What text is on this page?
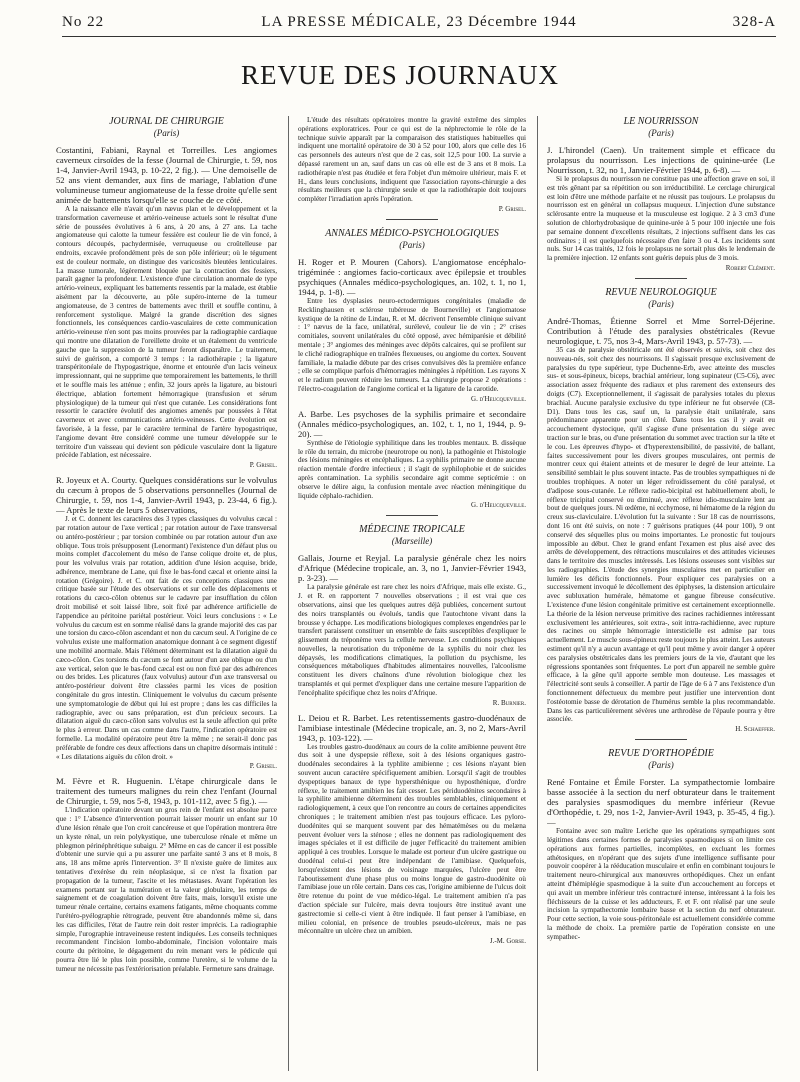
No 22	LA PRESSE MÉDICALE, 23 Décembre 1944	328-A
REVUE DES JOURNAUX
JOURNAL DE CHIRURGIE
(Paris)

Costantini, Fabiani, Raynal et Torreilles. Les angiomes caverneux cirsoïdes de la fesse (Journal de Chirurgie, t. 59, nos 1-4, Janvier-Avril 1943, p. 10-22, 2 fig.). — Une demoiselle de 52 ans vient demander, aux fins de mariage, l'ablation d'une volumineuse tumeur angiomateuse de la fesse droite qu'elle sent animée de battements lorsqu'elle se couche de ce côté.

A la naissance elle n'avait qu'un nævus plan et le développement et la transformation caverneuse et artério-veineuse actuels sont le résultat d'une série de poussées évolutives à 6 ans, à 20 ans, à 27 ans. La tache angiomateuse qui calotte la tumeur fessière est couleur lie de vin foncé, à contours découpés, pachydermisée, verruqueuse ou croûtelleuse par endroits, excavée profondément près de son pôle inférieur; où le tégument est de couleur normale, on distingue des varicosités bleutées lenticulaires. La masse tumorale, légèrement bloquée par la contraction des fessiers, paraît gagner la profondeur. L'existence d'une circulation anormale de type artério-veineux, expliquant les battements ressentis par la malade, est établie aisément par la découverte, au pôle supéro-interne de la tumeur angiomateuse, de 3 centres de battements avec thrill et souffle continu, à renforcement systolique. Malgré la grande discrétion des signes fonctionnels, les conséquences cardio-vasculaires de cette communication artério-veineuse n'en sont pas moins prouvées par la radiographie cardiaque qui montre une dilatation de l'oreillette droite et un étalement du ventricule gauche que la suppression de la tumeur feront disparaître. Le traitement, suivi de guérison, a comporté 3 temps : la radiothérapie ; la ligature transpéritonéale de l'hypogastrique, énorme et entourée d'un lacis veineux impressionnant, qui ne supprime que temporairement les battements, le thrill et le souffle mais les atténue ; enfin, 32 jours après la ligature, au bistouri électrique, ablation fortement hémorragique (transfusion et sérum physiologique) de la tumeur qui n'est que cutanée. Les considérations font ressortir le caractère évolutif des angiomes amenés par poussées à l'état caverneux et avec communications artério-veineuses. Cette évolution est favorisée, à la fesse, par le caractère terminal de l'artère hypogastrique, l'angiome devant être considéré comme une tumeur développée sur le territoire d'un vaisseau qui devient son pédicule vasculaire dont la ligature précède l'ablation, est nécessaire.

P. Grisel.

R. Joyeux et A. Courty. Quelques considérations sur le volvulus du cæcum à propos de 5 observations personnelles (Journal de Chirurgie, t. 59, nos 1-4, Janvier-Avril 1943, p. 23-44, 6 fig.). — Après le texte de leurs 5 observations,

J. et C. donnent les caractères des 3 types classiques du volvulus cæcal : par rotation autour de l'axe vertical ; par rotation autour de l'axe transversal ou antéro-postérieur ; par torsion combinée ou par rotation autour d'un axe oblique. Tous trois présupposent (Lenormant) l'existence d'un défaut plus ou moins complet d'accolement du méso de l'anse colique droite et, de plus, pour les volvulus vrais par rotation, addition d'une lésion acquise, bride, adhérence, membrane de Lane, qui fixe le bas-fond cæcal et oriente ainsi la rotation (Grégoire). J. et C. ont fait de ces conceptions classiques une critique basée sur l'étude des observations et sur celle des déplacements et rotations du cæco-côlon obtenus sur le cadavre par insufflation du côlon droit mobilisé et soit laissé libre, soit fixé par adhérence artificielle de l'appendice au péritoine pariétal postérieur. Voici leurs conclusions : « Le volvulus du cæcum est en somme réalisé dans la grande majorité des cas par une torsion du cæco-côlon ascendant et non du cæcum seul. A l'origine de ce volvulus existe une malformation anatomique donnant à ce segment digestif une mobilité anormale. Mais l'élément déterminant est la dilatation aiguë du cæco-côlon. Ces torsions du cæcum se font autour d'un axe oblique ou d'un axe vertical, selon que le bas-fond cæcal est ou non fixé par des adhérences ou des brides. Les plicatures (faux volvulus) autour d'un axe transversal ou antéro-postérieur doivent être classées parmi les vices de position congénitale du gros intestin. Cliniquement le volvulus du cæcum présente une symptomatologie de début qui lui est propre ; dans les cas difficiles la radiographie, avec ou sans préparation, est d'un précieux secours. La dilatation aiguë du cæco-côlon sans volvulus est la seule affection qui prête le plus à erreur. Dans un cas comme dans l'autre, l'indication opératoire est formelle. La modalité opératoire peut être la même ; ne serait-il donc pas préférable de fondre ces deux affections dans un chapitre désormais intitulé : « Les dilatations aiguës du côlon droit. »

P. Grisel.

M. Fèvre et R. Huguenin. L'étape chirurgicale dans le traitement des tumeurs malignes du rein chez l'enfant (Journal de Chirurgie, t. 59, nos 5-8, 1943, p. 101-112, avec 5 fig.). —

L'indication opératoire devant un gros rein de l'enfant est absolue parce que : 1° L'absence d'intervention pourrait laisser mourir un enfant sur 10 d'une lésion rénale que l'on croit cancéreuse et que l'opération montrera être un kyste rénal, un rein polykystique, une tuberculose rénale et même un phlegmon périnéphrétique subaigu. 2° Même en cas de cancer il est possible d'obtenir une survie qui a pu assurer une parfaite santé 3 ans et 8 mois, 8 ans, 18 ans même après l'intervention. 3° Il n'existe guère de limites aux tentatives d'exérèse du rein néoplasique, si ce n'est la fixation par propagation de la tumeur, l'ascite et les métastases. Avant l'opération les examens portant sur la numération et la valeur globulaire, les temps de saignement et de coagulation doivent être faits, mais, lorsqu'il existe une tumeur rénale certaine, certains examens fatigants, même choquants comme l'urétéro-pyélographie rétrograde, peuvent être abandonnés même si, dans les cas difficiles, l'état de l'autre rein doit rester imprécis. La radiographie simple, l'urographie intraveineuse restent indiquées. Les conseils techniques recommandent l'incision lombo-abdominale, l'incision volontaire mais courte du péritoine, le dégagement du rein menant vers le pédicule qui pourra être lié le plus loin possible, comme l'uretère, si le volume de la tumeur ne nécessite pas l'extériorisation préalable. Fermeture sans drainage.

L'étude des résultats opératoires montre la gravité extrême des simples opérations exploratrices. Pour ce qui est de la néphrectomie le rôle de la technique suivie apparaît par la comparaison des statistiques habituelles qui indiquent une mortalité opératoire de 30 à 52 pour 100, alors que celle des 16 cas personnels des auteurs n'est que de 2 cas, soit 12,5 pour 100. La survie a dépassé rarement un an, sauf dans un cas où elle est de 3 ans et 8 mois. La radiothérapie n'est pas étudiée et fera l'objet d'un mémoire ultérieur, mais F. et H., dans leurs conclusions, indiquent que l'association rayons-chirurgie a des résultats meilleurs que la chirurgie seule et que la radiothérapie doit toujours compléter l'irradiation après l'opération.

P. Grisel.
ANNALES MÉDICO-PSYCHOLOGIQUES
(Paris)

H. Roger et P. Mouren (Cahors). L'angiomatose encéphalo-trigéminée : angiomes facio-corticaux avec épilepsie et troubles psychiques (Annales médico-psychologiques, an. 102, t. 1, no 1, 1944, p. 1-8). —

Entre les dysplasies neuro-ectodermiques congénitales (maladie de Recklinghausen et sclérose tubéreuse de Bourneville) et l'angiomatose kystique de la rétine de Lindau, R. et M. décrivent l'ensemble clinique suivant : 1° nævus de la face, unilatéral, surélevé, couleur lie de vin ; 2° crises comitiales, souvent unilatérales du côté opposé, avec hémiparésie et débilité mentale ; 3° angiomes des méninges avec dépôts calcaires, qui se profilent sur le cliché radiographique en traînées flexueuses, ou angiome du cortex. Souvent familiale, la maladie débute par des crises convulsives dès la première enfance ; elle se complique parfois d'hémorragies méningées à répétition. Les rayons X et le radium peuvent réduire les tumeurs. La chirurgie propose 2 opérations : l'électro-coagulation de l'angiome cortical et la ligature de la carotide.

G. d'Heucqueville.

A. Barbe. Les psychoses de la syphilis primaire et secondaire (Annales médico-psychologiques, an. 102, t. 1, no 1, 1944, p. 9-20). —

Synthèse de l'étiologie syphilitique dans les troubles mentaux. B. dissèque le rôle du terrain, du microbe (neurotrope ou non), la pathogénie et l'histologie des lésions méningées et encéphaliques. La syphilis primaire ne donne aucune réaction mentale d'ordre infectieux ; il s'agit de syphilophobie et de suicides après contamination. La syphilis secondaire agit comme septicémie : on observe le délire aigu, la confusion mentale avec réaction méningitique du liquide céphalo-rachidien.

G. d'Heucqueville.
MÉDECINE TROPICALE
(Marseille)

Gallais, Journe et Reyjal. La paralysie générale chez les noirs d'Afrique (Médecine tropicale, an. 3, no 1, Janvier-Février 1943, p. 3-23). —

La paralysie générale est rare chez les noirs d'Afrique, mais elle existe. G., J. et R. en rapportent 7 nouvelles observations ; il est vrai que ces observations, ainsi que les quelques autres déjà publiées, concernent surtout des noirs transplantés ou évolués, tandis que l'autochtone vivant dans la brousse y échappe. Les modifications biologiques complexes engendrées par le transfert paraissent constituer un ensemble de faits susceptibles d'expliquer le glissement du tréponème vers la cellule nerveuse. Les conditions psychiques nouvelles, la neurotisation du tréponème de la syphilis du noir chez les dépaysés, les modifications climatiques, la pollution du psychisme, les conséquences métaboliques d'habitudes alimentaires nouvelles, l'alcoolisme constituent les divers chaînons d'une révolution biologique chez les transplantés et qui permet d'expliquer dans une certaine mesure l'apparition de l'encéphalite spécifique chez les noirs d'Afrique.

R. Burnier.

L. Deiou et R. Barbet. Les retentissements gastro-duodénaux de l'amibiase intestinale (Médecine tropicale, an. 3, no 2, Mars-Avril 1943, p. 103-122). —

Les troubles gastro-duodénaux au cours de la colite amibienne peuvent être dus soit à une dyspepsie réflexe, soit à des lésions organiques gastro-duodénales secondaires à la typhlite amibienne ; ces lésions n'ayant bien souvent aucun caractère spécifiquement amibien. Lorsqu'il s'agit de troubles dyspeptiques banaux de type hypersthénique ou hyposthénique, d'ordre réflexe, le traitement amibien les fait cesser. Les périduodénites secondaires à la syphilite amibienne déterminent des troubles semblables, cliniquement et radiologiquement, à ceux que l'on rencontre au cours de certaines appendicites chroniques ; le traitement amibien n'est pas toujours efficace. Les pyloro-duodénites qui se marquent souvent par des hématémèses ou du melæna peuvent évoluer vers la sténose ; elles ne donnent pas radiologiquement des images spéciales et il est difficile de juger l'efficacité du traitement amibien appliqué à ces troubles. Lorsque le malade est porteur d'un ulcère gastrique ou duodénal celui-ci peut être indépendant de l'amibiase. Quelquefois, lorsqu'existent des lésions de voisinage marquées, l'ulcère peut être l'aboutissement d'une phase plus ou moins longue de gastro-duodénite où l'amibiase joue un rôle certain. Dans ces cas, l'origine amibienne de l'ulcus doit être retenue du point de vue médico-légal. Le traitement amibien n'a pas d'action spéciale sur l'ulcère, mais devra toujours être institué avant une gastrectomie si celle-ci vient à être indiquée. Il faut penser à l'amibiase, en milieu colonial, en présence de troubles pseudo-ulcéreux, mais ne pas méconnaître un ulcère chez un amibien.

J.-M. Gorse.
LE NOURRISSON
(Paris)

J. L'hirondel (Caen). Un traitement simple et efficace du prolapsus du nourrisson. Les injections de quinine-urée (Le Nourrisson, t. 32, no 1, Janvier-Février 1944, p. 6-8). —

Si le prolapsus du nourrisson ne constitue pas une affection grave en soi, il est très gênant par sa répétition ou son irréductibilité. Le cerclage chirurgical est loin d'être une méthode parfaite et ne réussit pas toujours. Le prolapsus du nourrisson est en général un collapsus muqueux. L'injection d'une substance sclérosante entre la muqueuse et la musculeuse est logique. 2 à 3 cm3 d'une solution de chlorhydrobasique de quinine-urée à 5 pour 100 injectée une fois par semaine donnent d'excellents résultats, 2 injections suffisent dans les cas ordinaires ; il est quelquefois nécessaire d'en faire 3 ou 4. Les incidents sont nuls. Sur 14 cas traités, 12 fois le prolapsus ne sortait plus dès le lendemain de la première injection. 12 enfants sont guéris depuis plus de 3 mois.

Robert Clément.
REVUE NEUROLOGIQUE
(Paris)

André-Thomas, Étienne Sorrel et Mme Sorrel-Déjerine. Contribution à l'étude des paralysies obstétricales (Revue neurologique, t. 75, nos 3-4, Mars-Avril 1943, p. 57-73). —

35 cas de paralysie obstétricale ont été observés et suivis, soit chez des nouveau-nés, soit chez des nourrissons. Il s'agissait presque exclusivement de paralysies du type supérieur, type Duchenne-Erb, avec atteinte des muscles sus- et sous-épineux, biceps, brachial antérieur, long supinateur (C5-C6), avec association assez fréquente des radiaux et plus rarement des extenseurs des doigts (C7). Exceptionnellement, il s'agissait de paralysies totales du plexus brachial. Aucune paralysie exclusive du type inférieur ne fut observée (C8-D1). Dans tous les cas, sauf un, la paralysie était unilatérale, sans prédominance apparente pour un côté. Dans tous les cas il y avait eu accouchement dystocique, qu'il s'agisse d'une présentation du siège avec traction sur le bras, ou d'une présentation du sommet avec traction sur la tête et le cou. Les épreuves d'hypo- et d'hyperextensibilité, de passivité, de ballant, faites successivement pour les divers groupes musculaires, ont permis de montrer ceux qui étaient atteints et de mesurer le degré de leur atteinte. La sensibilité semblait le plus souvent intacte. Pas de troubles sympathiques ni de troubles trophiques. A noter un léger refroidissement du côté paralysé, et d'adipose sous-cutanée. Le réflexe radio-bicipital est habituellement aboli, le réflexe tricipital conservé ou diminué, avec réflexe idio-musculaire lent au bout de quelques jours. Ni œdème, ni ecchymose, ni hématome de la région du creux sus-claviculaire. L'évolution fut la suivante : Sur 18 cas de nourrissons, dont 16 ont été suivis, on note : 7 guérisons pratiques (44 pour 100), 9 ont conservé des séquelles plus ou moins importantes. Le pronostic fut toujours impossible au début. Chez le grand enfant l'examen est plus aisé avec des arrêts de développement, des rétractions musculaires et des attitudes vicieuses dans le territoire des muscles intéressés. Les lésions osseuses sont visibles sur les radiographies. L'étude des synergies musculaires met en particulier en lumière les déficits fonctionnels. Pour expliquer ces paralysies on a successivement invoqué le décollement des épiphyses, la distension articulaire avec subluxation humérale, hématome et gangue fibreuse consécutive. L'existence d'une lésion congénitale primitive est certainement exceptionnelle. La théorie de la lésion nerveuse primitive des racines rachidiennes intéressant exclusivement les antérieures, soit extra-, soit intra-rachidienne, avec rupture des racines ou simple hémorragie intersticielle est admise par tous actuellement. Le muscle sous-épineux reste toujours le plus atteint. Les auteurs estiment qu'il n'y a aucun avantage et qu'il peut même y avoir danger à opérer ces paralysies obstétricales dans les premiers jours de la vie, d'autant que les régressions spontanées sont fréquentes. Le port d'un appareil ne semble guère efficace, à la gêne qu'il apporte semble mon douteuse. Les massages et l'électricité sont seuls à conseiller. A partir de l'âge de 6 à 7 ans l'existence d'un fonctionnement défectueux du membre peut justifier une intervention dont l'ostéotomie basse de dérotation de l'humérus semble la plus recommandable. Dans les cas particulièrement sévères une arthrodèse de l'épaule pourra y être associée.

H. Schaeffer.
REVUE D'ORTHOPÉDIE
(Paris)

René Fontaine et Émile Forster. La sympathectomie lombaire basse associée à la section du nerf obturateur dans le traitement des paralysies spasmodiques du membre inférieur (Revue d'Orthopédie, t. 29, nos 1-2, Janvier-Avril 1943, p. 35-45, 4 fig.). —

Fontaine avec son maître Leriche que les opérations sympathiques sont légitimes dans certaines formes de paralysies spasmodiques si on limite ces opérations aux formes partielles, incomplètes, en excluant les formes athétosiques, en n'opérant que des sujets d'une intelligence suffisante pour pouvoir coopérer à la rééducation musculaire et enfin en combinant toujours le traitement neuro-chirurgical aux manœuvres orthopédiques. Chez un enfant atteint d'hémiplégie spasmodique à la suite d'un accouchement au forceps et qui avait un membre inférieur très contracturé intense, intéressant à la fois les fléchisseurs de la cuisse et les adducteurs, F. et F. ont réalisé par une seule incision la sympathectomie lombaire basse et la section du nerf obturateur. Pour cette section, la voie sous-péritonéale est actuellement considérée comme la méthode de choix. La première partie de l'opération consiste en une sympathec-
